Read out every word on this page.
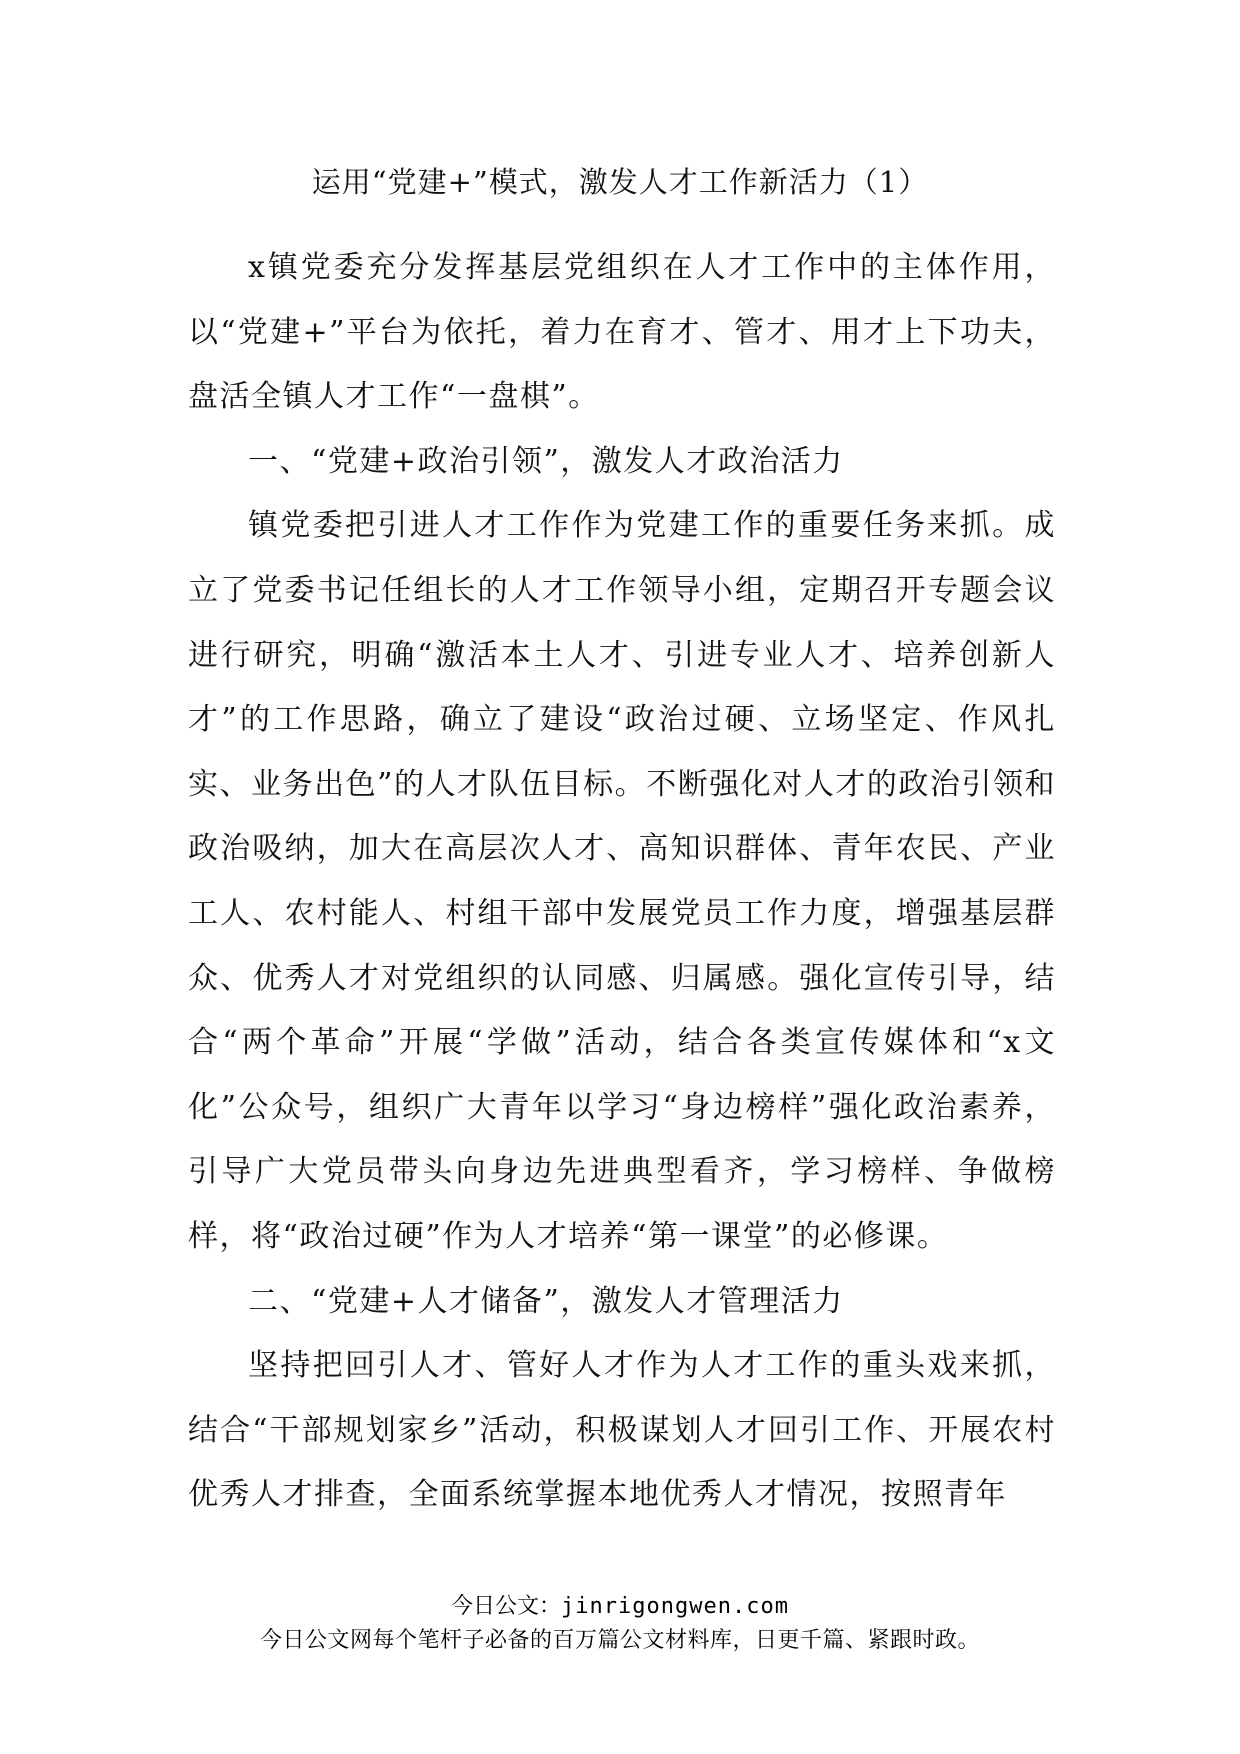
运用“党建+”模式，激发人才工作新活力（1）

x镇党委充分发挥基层党组织在人才工作中的主体作用，以“党建+”平台为依托，着力在育才、管才、用才上下功夫，盘活全镇人才工作“一盘棋”。

一、“党建+政治引领”，激发人才政治活力

镇党委把引进人才工作作为党建工作的重要任务来抓。成立了党委书记任组长的人才工作领导小组，定期召开专题会议进行研究，明确“激活本土人才、引进专业人才、培养创新人才”的工作思路，确立了建设“政治过硬、立场坚定、作风扎实、业务出色”的人才队伍目标。不断强化对人才的政治引领和政治吸纳，加大在高层次人才、高知识群体、青年农民、产业工人、农村能人、村组干部中发展党员工作力度，增强基层群众、优秀人才对党组织的认同感、归属感。强化宣传引导，结合“两个革命”开展“学做”活动，结合各类宣传媒体和“x文化”公众号，组织广大青年以学习“身边榜样”强化政治素养，引导广大党员带头向身边先进典型看齐，学习榜样、争做榜样，将“政治过硬”作为人才培养“第一课堂”的必修课。

二、“党建+人才储备”，激发人才管理活力

坚持把回引人才、管好人才作为人才工作的重头戏来抓，结合“干部规划家乡”活动，积极谋划人才回引工作、开展农村优秀人才排查，全面系统掌握本地优秀人才情况，按照青年

今日公文：jinrigongwen.com
今日公文网每个笔杆子必备的百万篇公文材料库，日更千篇、紧跟时政。
